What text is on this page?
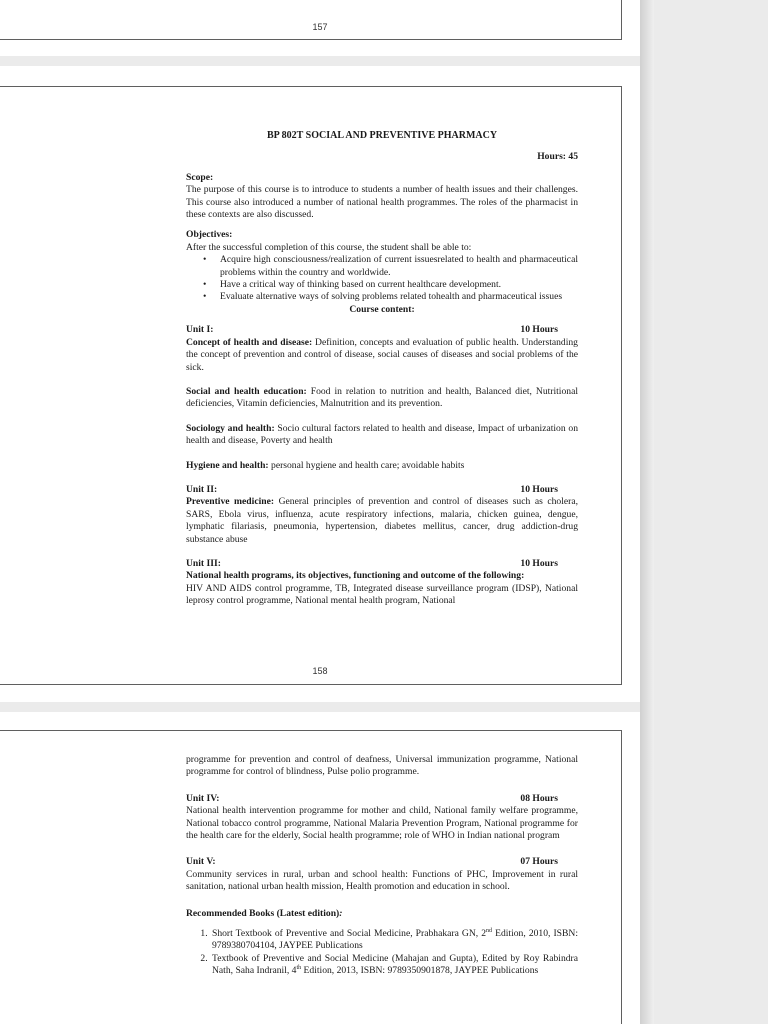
157

BP 802T SOCIAL AND PREVENTIVE PHARMACY

Hours: 45

Scope:

The purpose of this course is to introduce to students a number of health issues and their challenges. This course also introduced a number of national health programmes. The roles of the pharmacist in these contexts are also discussed.

Objectives:

After the successful completion of this course, the student shall be able to:

• Acquire high consciousness/realization of current issuesrelated to health and pharmaceutical problems within the country and worldwide.
• Have a critical way of thinking based on current healthcare development.
• Evaluate alternative ways of solving problems related tohealth and pharmaceutical issues

Course content:

Unit I:	10 Hours

Concept of health and disease: Definition, concepts and evaluation of public health. Understanding the concept of prevention and control of disease, social causes of diseases and social problems of the sick.

Social and health education: Food in relation to nutrition and health, Balanced diet, Nutritional deficiencies, Vitamin deficiencies, Malnutrition and its prevention.

Sociology and health: Socio cultural factors related to health and disease, Impact of urbanization on health and disease, Poverty and health

Hygiene and health: personal hygiene and health care; avoidable habits

Unit II:	10 Hours

Preventive medicine: General principles of prevention and control of diseases such as cholera, SARS, Ebola virus, influenza, acute respiratory infections, malaria, chicken guinea, dengue, lymphatic filariasis, pneumonia, hypertension, diabetes mellitus, cancer, drug addiction-drug substance abuse

Unit III:	10 Hours

National health programs, its objectives, functioning and outcome of the following:

HIV AND AIDS control programme, TB, Integrated disease surveillance program (IDSP), National leprosy control programme, National mental health program, National

158

programme for prevention and control of deafness, Universal immunization programme, National programme for control of blindness, Pulse polio programme.

Unit IV:	08 Hours

National health intervention programme for mother and child, National family welfare programme, National tobacco control programme, National Malaria Prevention Program, National programme for the health care for the elderly, Social health programme; role of WHO in Indian national program

Unit V:	07 Hours

Community services in rural, urban and school health: Functions of PHC, Improvement in rural sanitation, national urban health mission, Health promotion and education in school.

Recommended Books (Latest edition):

1. Short Textbook of Preventive and Social Medicine, Prabhakara GN, 2nd Edition, 2010, ISBN: 9789380704104, JAYPEE Publications
2. Textbook of Preventive and Social Medicine (Mahajan and Gupta), Edited by Roy Rabindra Nath, Saha Indranil, 4th Edition, 2013, ISBN: 9789350901878, JAYPEE Publications
